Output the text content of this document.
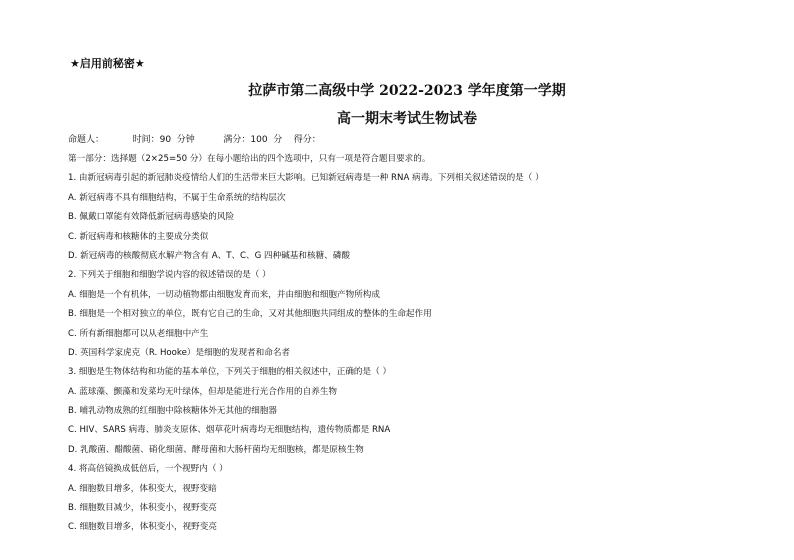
★启用前秘密★
拉萨市第二高级中学 2022-2023 学年度第一学期
高一期末考试生物试卷
命题人：          时间：90  分钟          满分：100  分    得分：
第一部分：选择题（2×25=50 分）在每小题给出的四个选项中，只有一项是符合题目要求的。
1. 由新冠病毒引起的新冠肺炎疫情给人们的生活带来巨大影响。已知新冠病毒是一种 RNA 病毒。下列相关叙述错误的是（ ）
A. 新冠病毒不具有细胞结构，不属于生命系统的结构层次
B. 佩戴口罩能有效降低新冠病毒感染的风险
C. 新冠病毒和核糖体的主要成分类似
D. 新冠病毒的核酸彻底水解产物含有 A、T、C、G 四种碱基和核糖、磷酸
2. 下列关于细胞和细胞学说内容的叙述错误的是（ ）
A. 细胞是一个有机体，一切动植物都由细胞发育而来，并由细胞和细胞产物所构成
B. 细胞是一个相对独立的单位，既有它自己的生命，又对其他细胞共同组成的整体的生命起作用
C. 所有新细胞都可以从老细胞中产生
D. 英国科学家虎克（R. Hooke）是细胞的发现者和命名者
3. 细胞是生物体结构和功能的基本单位，下列关于细胞的相关叙述中，正确的是（ ）
A. 蓝球藻、颤藻和发菜均无叶绿体，但却是能进行光合作用的自养生物
B. 哺乳动物成熟的红细胞中除核糖体外无其他的细胞器
C. HIV、SARS 病毒、肺炎支原体、烟草花叶病毒均无细胞结构，遗传物质都是 RNA
D. 乳酸菌、醋酸菌、硝化细菌、酵母菌和大肠杆菌均无细胞核，都是原核生物
4. 将高倍镜换成低倍后，一个视野内（ ）
A. 细胞数目增多，体积变大，视野变暗
B. 细胞数目减少，体积变小，视野变亮
C. 细胞数目增多，体积变小，视野变亮
